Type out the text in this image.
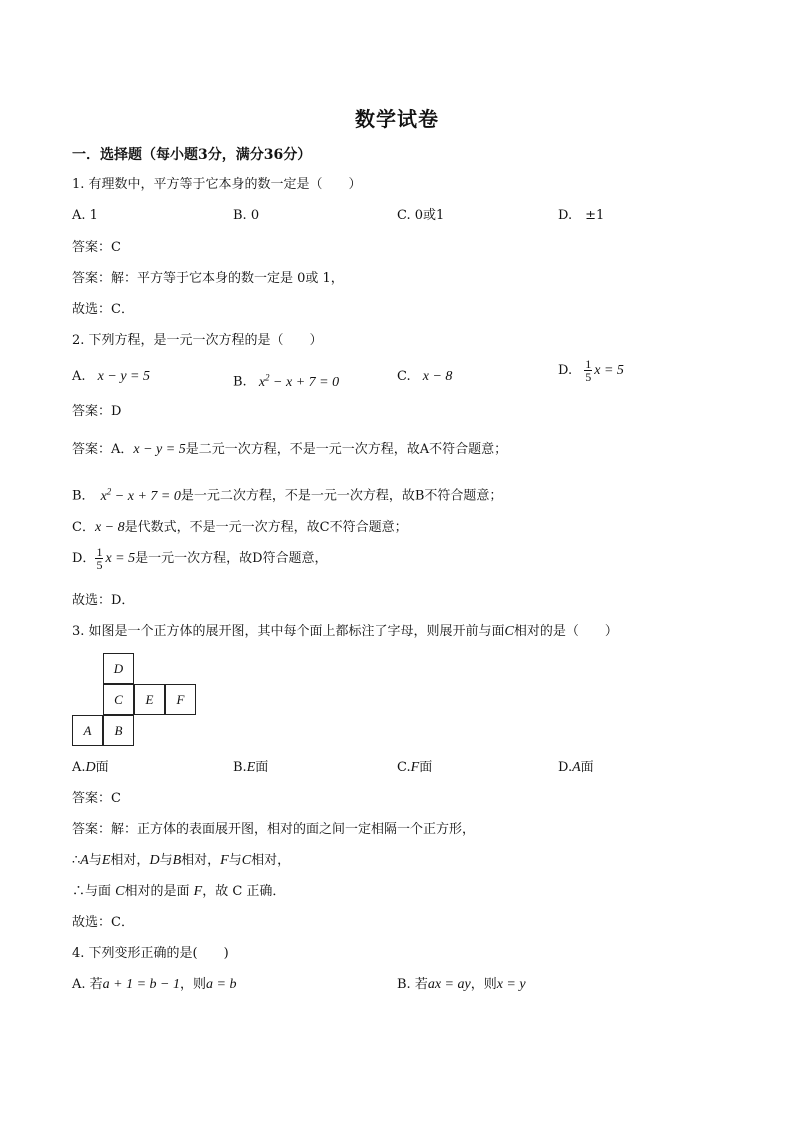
数学试卷
一．选择题（每小题3分，满分36分）
1. 有理数中，平方等于它本身的数一定是（　　）
A. 1	B. 0	C. 0或1	D.　±1
答案：C
答案：解：平方等于它本身的数一定是 0或 1，
故选：C．
2. 下列方程，是一元一次方程的是（　　）
A. x − y = 5	B. $x^2 - x + 7 = 0$	C. x − 8	D. $\frac{1}{5}$ x = 5
答案：D
答案：A．x − y = 5是二元一次方程，不是一元一次方程，故A不符合题意；
B． $x^2 - x + 7 = 0$是一元二次方程，不是一元一次方程，故B不符合题意；
C．x − 8是代数式，不是一元一次方程，故C不符合题意；
D． $\frac{1}{5}$ x = 5是一元一次方程，故D符合题意，
故选：D．
3. 如图是一个正方体的展开图，其中每个面上都标注了字母，则展开前与面C相对的是（　　）
D
C	E	F
A	B
A.D面	B.E面	C.F面	D.A面
答案：C
答案：解：正方体的表面展开图，相对的面之间一定相隔一个正方形，
∴A与E相对，D与B相对，F与C相对，
∴与面 C相对的是面 F，故 C 正确．
故选：C．
4. 下列变形正确的是(　　)
A. 若a + 1 = b − 1，则a = b	B. 若ax = ay，则x = y
